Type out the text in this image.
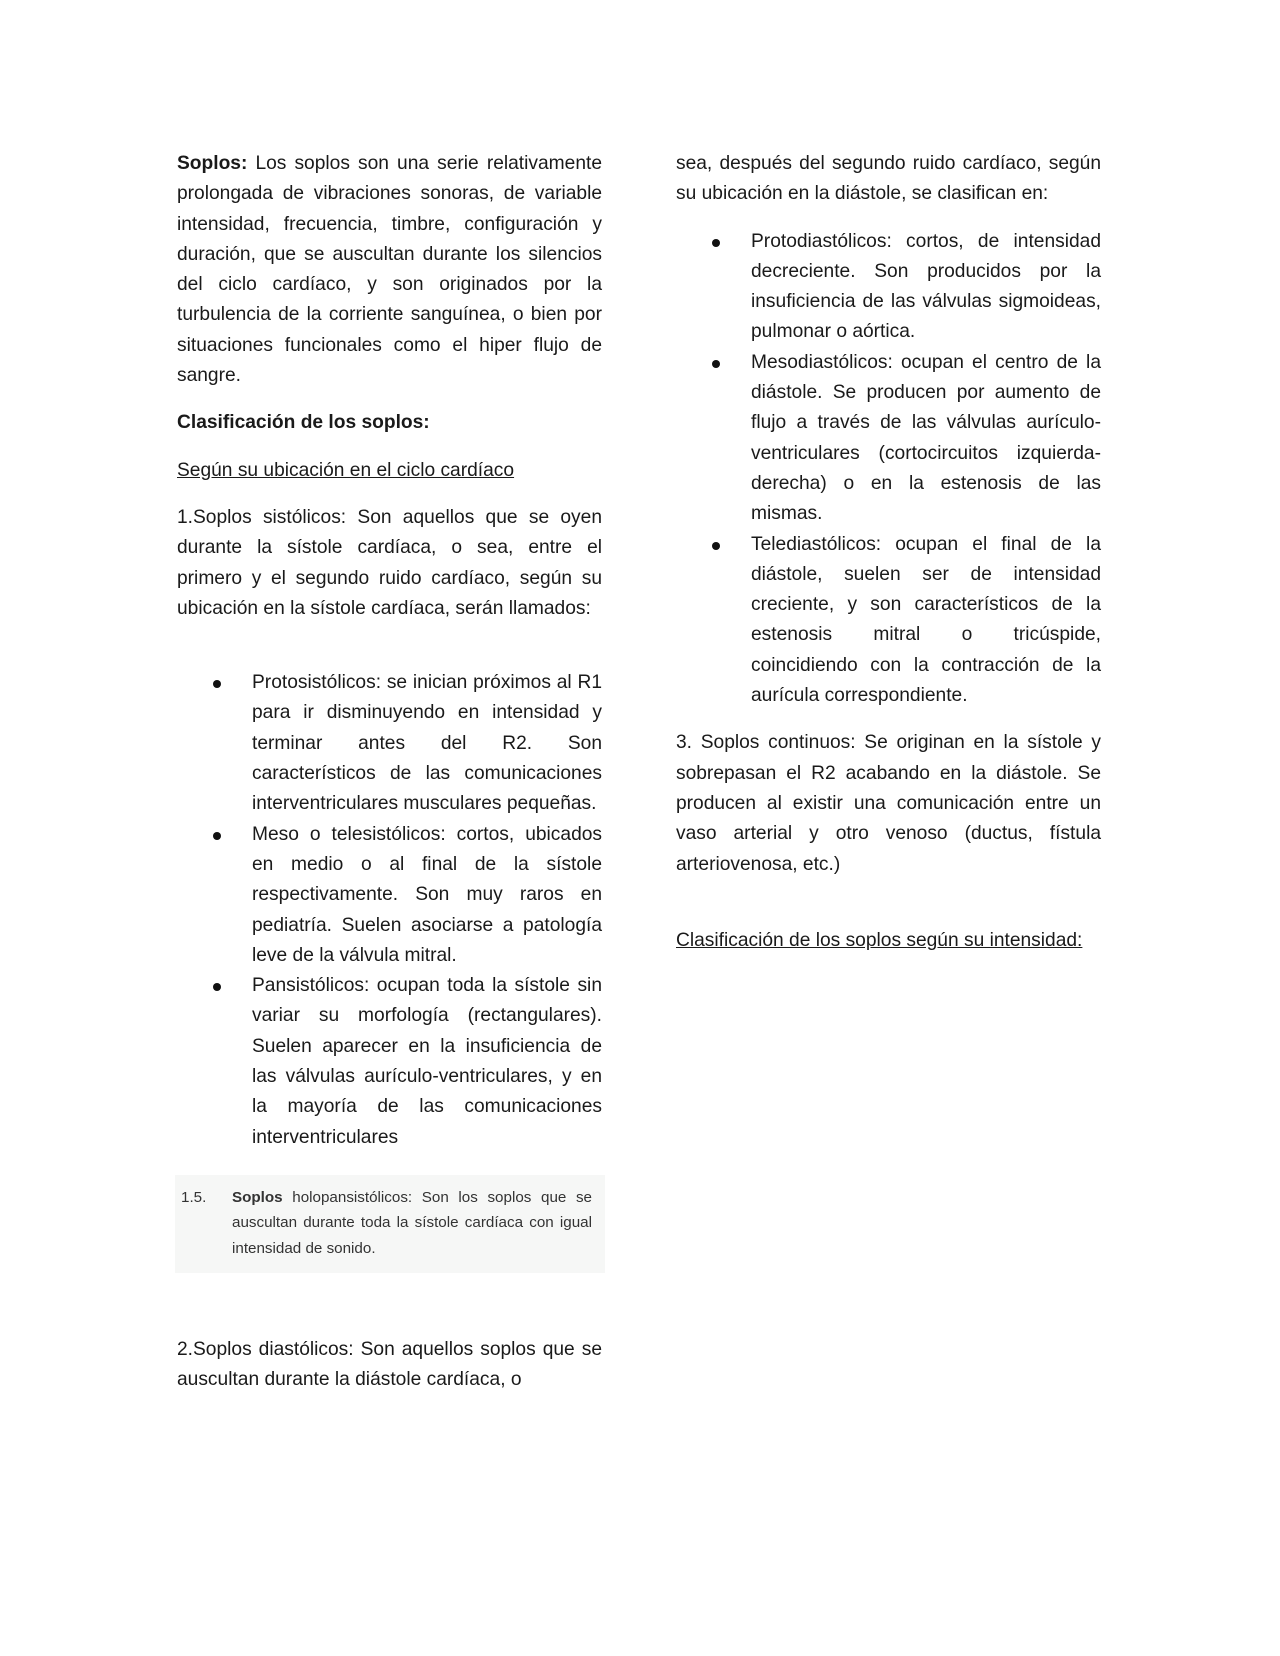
Soplos: Los soplos son una serie relativamente prolongada de vibraciones sonoras, de variable intensidad, frecuencia, timbre, configuración y duración, que se auscultan durante los silencios del ciclo cardíaco, y son originados por la turbulencia de la corriente sanguínea, o bien por situaciones funcionales como el hiper flujo de sangre.

Clasificación de los soplos:

Según su ubicación en el ciclo cardíaco

1.Soplos sistólicos: Son aquellos que se oyen durante la sístole cardíaca, o sea, entre el primero y el segundo ruido cardíaco, según su ubicación en la sístole cardíaca, serán llamados:

Protosistólicos: se inician próximos al R1 para ir disminuyendo en intensidad y terminar antes del R2. Son característicos de las comunicaciones interventriculares musculares pequeñas.
Meso o telesistólicos: cortos, ubicados en medio o al final de la sístole respectivamente. Son muy raros en pediatría. Suelen asociarse a patología leve de la válvula mitral.
Pansistólicos: ocupan toda la sístole sin variar su morfología (rectangulares). Suelen aparecer en la insuficiencia de las válvulas aurículo-ventriculares, y en la mayoría de las comunicaciones interventriculares
1.5. Soplos holopansistólicos: Son los soplos que se auscultan durante toda la sístole cardíaca con igual intensidad de sonido.

2.Soplos diastólicos: Son aquellos soplos que se auscultan durante la diástole cardíaca, o

sea, después del segundo ruido cardíaco, según su ubicación en la diástole, se clasifican en:

Protodiastólicos: cortos, de intensidad decreciente. Son producidos por la insuficiencia de las válvulas sigmoideas, pulmonar o aórtica.
Mesodiastólicos: ocupan el centro de la diástole. Se producen por aumento de flujo a través de las válvulas aurículo-ventriculares (cortocircuitos izquierda-derecha) o en la estenosis de las mismas.
Telediastólicos: ocupan el final de la diástole, suelen ser de intensidad creciente, y son característicos de la estenosis mitral o tricúspide, coincidiendo con la contracción de la aurícula correspondiente.

3. Soplos continuos: Se originan en la sístole y sobrepasan el R2 acabando en la diástole. Se producen al existir una comunicación entre un vaso arterial y otro venoso (ductus, fístula arteriovenosa, etc.)

Clasificación de los soplos según su intensidad:
